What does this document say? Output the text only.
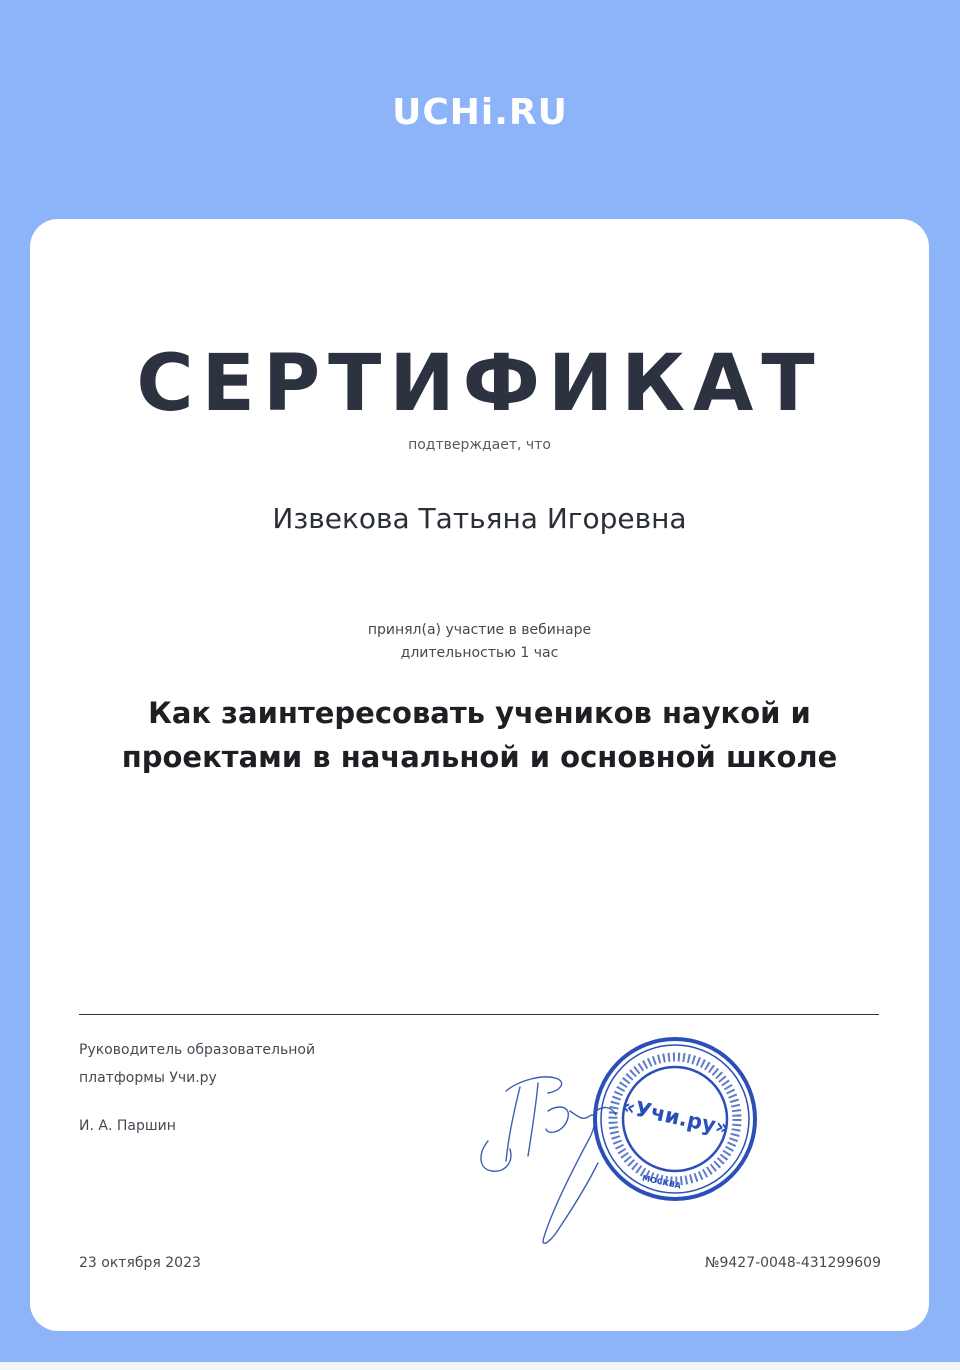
UCHi.RU
СЕРТИФИКАТ
подтверждает, что
Извекова Татьяна Игоревна
принял(а) участие в вебинаре
длительностью 1 час
Как заинтересовать учеников наукой и
проектами в начальной и основной школе
Руководитель образовательной
платформы Учи.ру
И. А. Паршин	«Учи.ру»
МОСКВА
23 октября 2023	№9427-0048-431299609
